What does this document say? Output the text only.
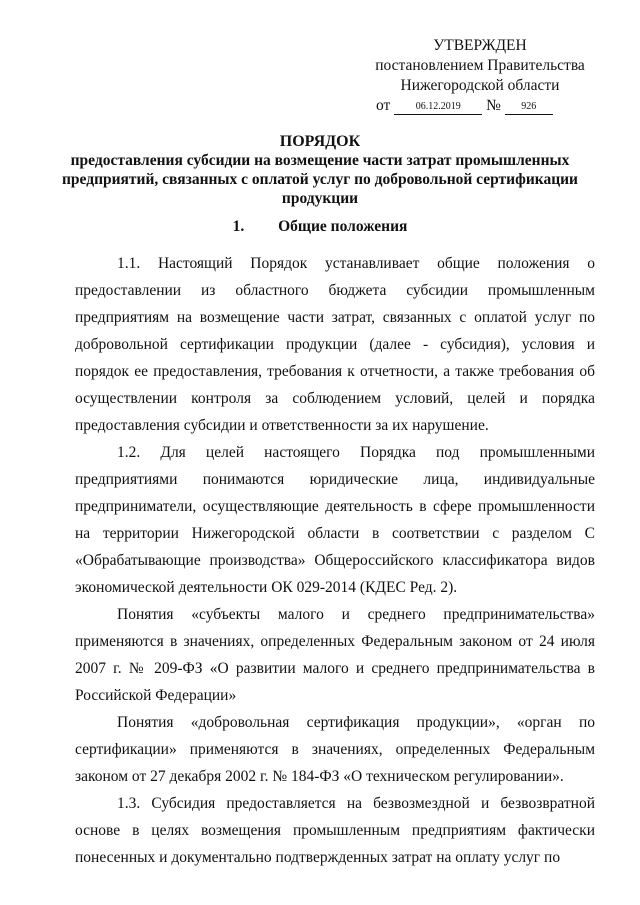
УТВЕРЖДЕН
постановлением Правительства
Нижегородской области
от	06.12.2019 № 926
ПОРЯДОК
предоставления субсидии на возмещение части затрат промышленных предприятий, связанных с оплатой услуг по добровольной сертификации продукции
1. Общие положения

1.1. Настоящий Порядок устанавливает общие положения о предоставлении из областного бюджета субсидии промышленным предприятиям на возмещение части затрат, связанных с оплатой услуг по добровольной сертификации продукции (далее - субсидия), условия и порядок ее предоставления, требования к отчетности, а также требования об осуществлении контроля за соблюдением условий, целей и порядка предоставления субсидии и ответственности за их нарушение.

1.2. Для целей настоящего Порядка под промышленными предприятиями понимаются юридические лица, индивидуальные предприниматели, осуществляющие деятельность в сфере промышленности на территории Нижегородской области в соответствии с разделом С «Обрабатывающие производства» Общероссийского классификатора видов экономической деятельности ОК 029-2014 (КДЕС Ред. 2).

Понятия «субъекты малого и среднего предпринимательства» применяются в значениях, определенных Федеральным законом от 24 июля 2007 г. № 209-ФЗ «О развитии малого и среднего предпринимательства в Российской Федерации»

Понятия «добровольная сертификация продукции», «орган по сертификации» применяются в значениях, определенных Федеральным законом от 27 декабря 2002 г. № 184-ФЗ «О техническом регулировании».

1.3. Субсидия предоставляется на безвозмездной и безвозвратной основе в целях возмещения промышленным предприятиям фактически понесенных и документально подтвержденных затрат на оплату услуг по
